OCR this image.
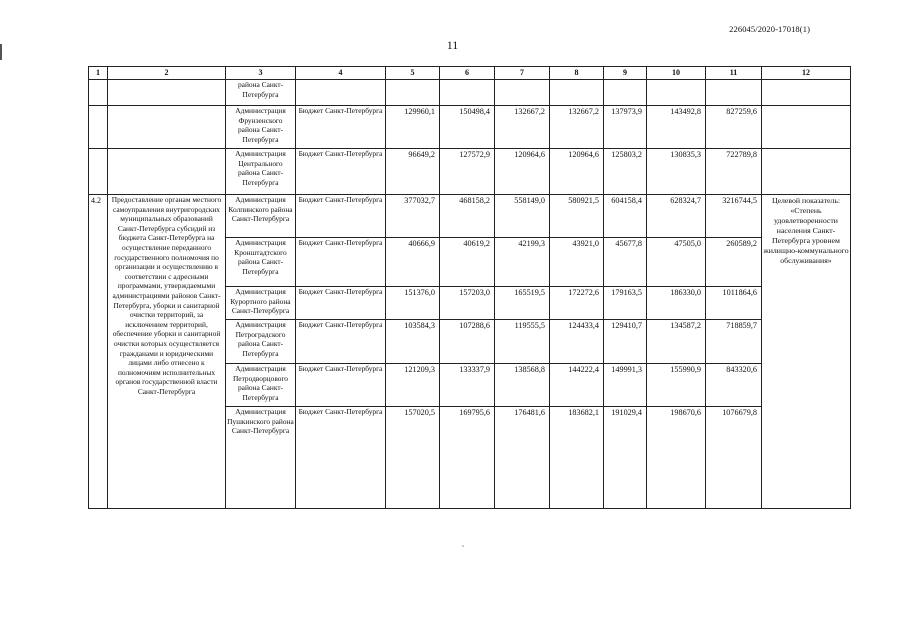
226045/2020-17018(1)
11
1	2	3	4	5	6	7	8	9	10	11	12
		района Санкт-Петербурга									
		Администрация Фрунзенского района Санкт-Петербурга	Бюджет Санкт-Петербурга	129960,1	150498,4	132667,2	132667,2	137973,9	143492,8	827259,6	
		Администрация Центрального района Санкт-Петербурга	Бюджет Санкт-Петербурга	96649,2	127572,9	120964,6	120964,6	125803,2	130835,3	722789,8	
4.2	Предоставление органам местного самоуправления внутригородских муниципальных образований Санкт-Петербурга субсидий из бюджета Санкт-Петербурга на осуществление переданного государственного полномочия по организации и осуществлению в соответствии с адресными программами, утверждаемыми администрациями районов Санкт-Петербурга, уборки и санитарной очистки территорий, за исключением территорий, обеспечение уборки и санитарной очистки которых осуществляется гражданами и юридическими лицами либо отнесено к полномочиям исполнительных органов государственной власти Санкт-Петербурга	Администрация Колпинского района Санкт-Петербурга	Бюджет Санкт-Петербурга	377032,7	468158,2	558149,0	580921,5	604158,4	628324,7	3216744,5	Целевой показатель: «Степень удовлетворенности населения Санкт-Петербурга уровнем жилищно-коммунального обслуживания»
		Администрация Кронштадтского района Санкт-Петербурга	Бюджет Санкт-Петербурга	40666,9	40619,2	42199,3	43921,0	45677,8	47505,0	260589,2	
		Администрация Курортного района Санкт-Петербурга	Бюджет Санкт-Петербурга	151376,0	157203,0	165519,5	172272,6	179163,5	186330,0	1011864,6	
		Администрация Петроградского района Санкт-Петербурга	Бюджет Санкт-Петербурга	103584,3	107288,6	119555,5	124433,4	129410,7	134587,2	718859,7	
		Администрация Петродворцового района Санкт-Петербурга	Бюджет Санкт-Петербурга	121209,3	133337,9	138568,8	144222,4	149991,3	155990,9	843320,6	
		Администрация Пушкинского района Санкт-Петербурга	Бюджет Санкт-Петербурга	157020,5	169795,6	176481,6	183682,1	191029,4	198670,6	1076679,8	
